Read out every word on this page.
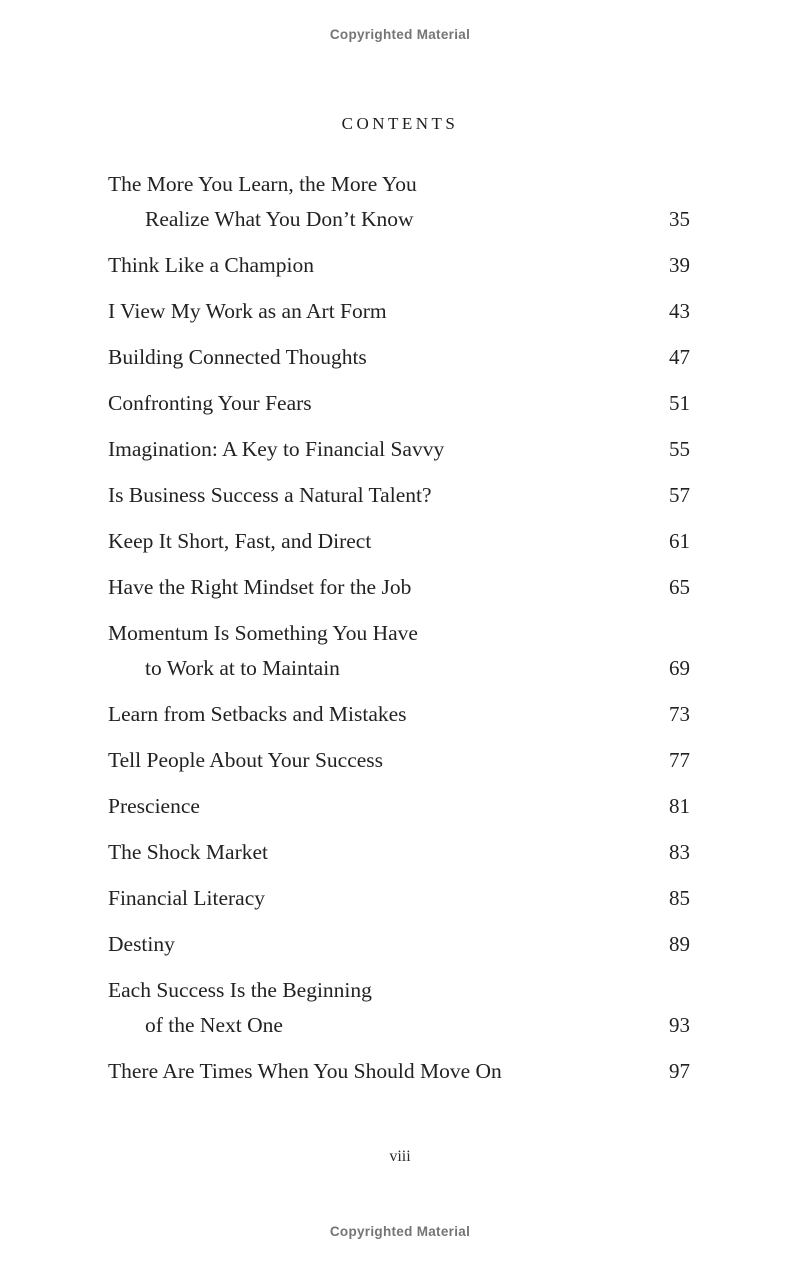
Copyrighted Material
CONTENTS
The More You Learn, the More You
Realize What You Don’t Know	35
Think Like a Champion	39
I View My Work as an Art Form	43
Building Connected Thoughts	47
Confronting Your Fears	51
Imagination: A Key to Financial Savvy	55
Is Business Success a Natural Talent?	57
Keep It Short, Fast, and Direct	61
Have the Right Mindset for the Job	65
Momentum Is Something You Have
to Work at to Maintain	69
Learn from Setbacks and Mistakes	73
Tell People About Your Success	77
Prescience	81
The Shock Market	83
Financial Literacy	85
Destiny	89
Each Success Is the Beginning
of the Next One	93
There Are Times When You Should Move On	97
viii
Copyrighted Material
